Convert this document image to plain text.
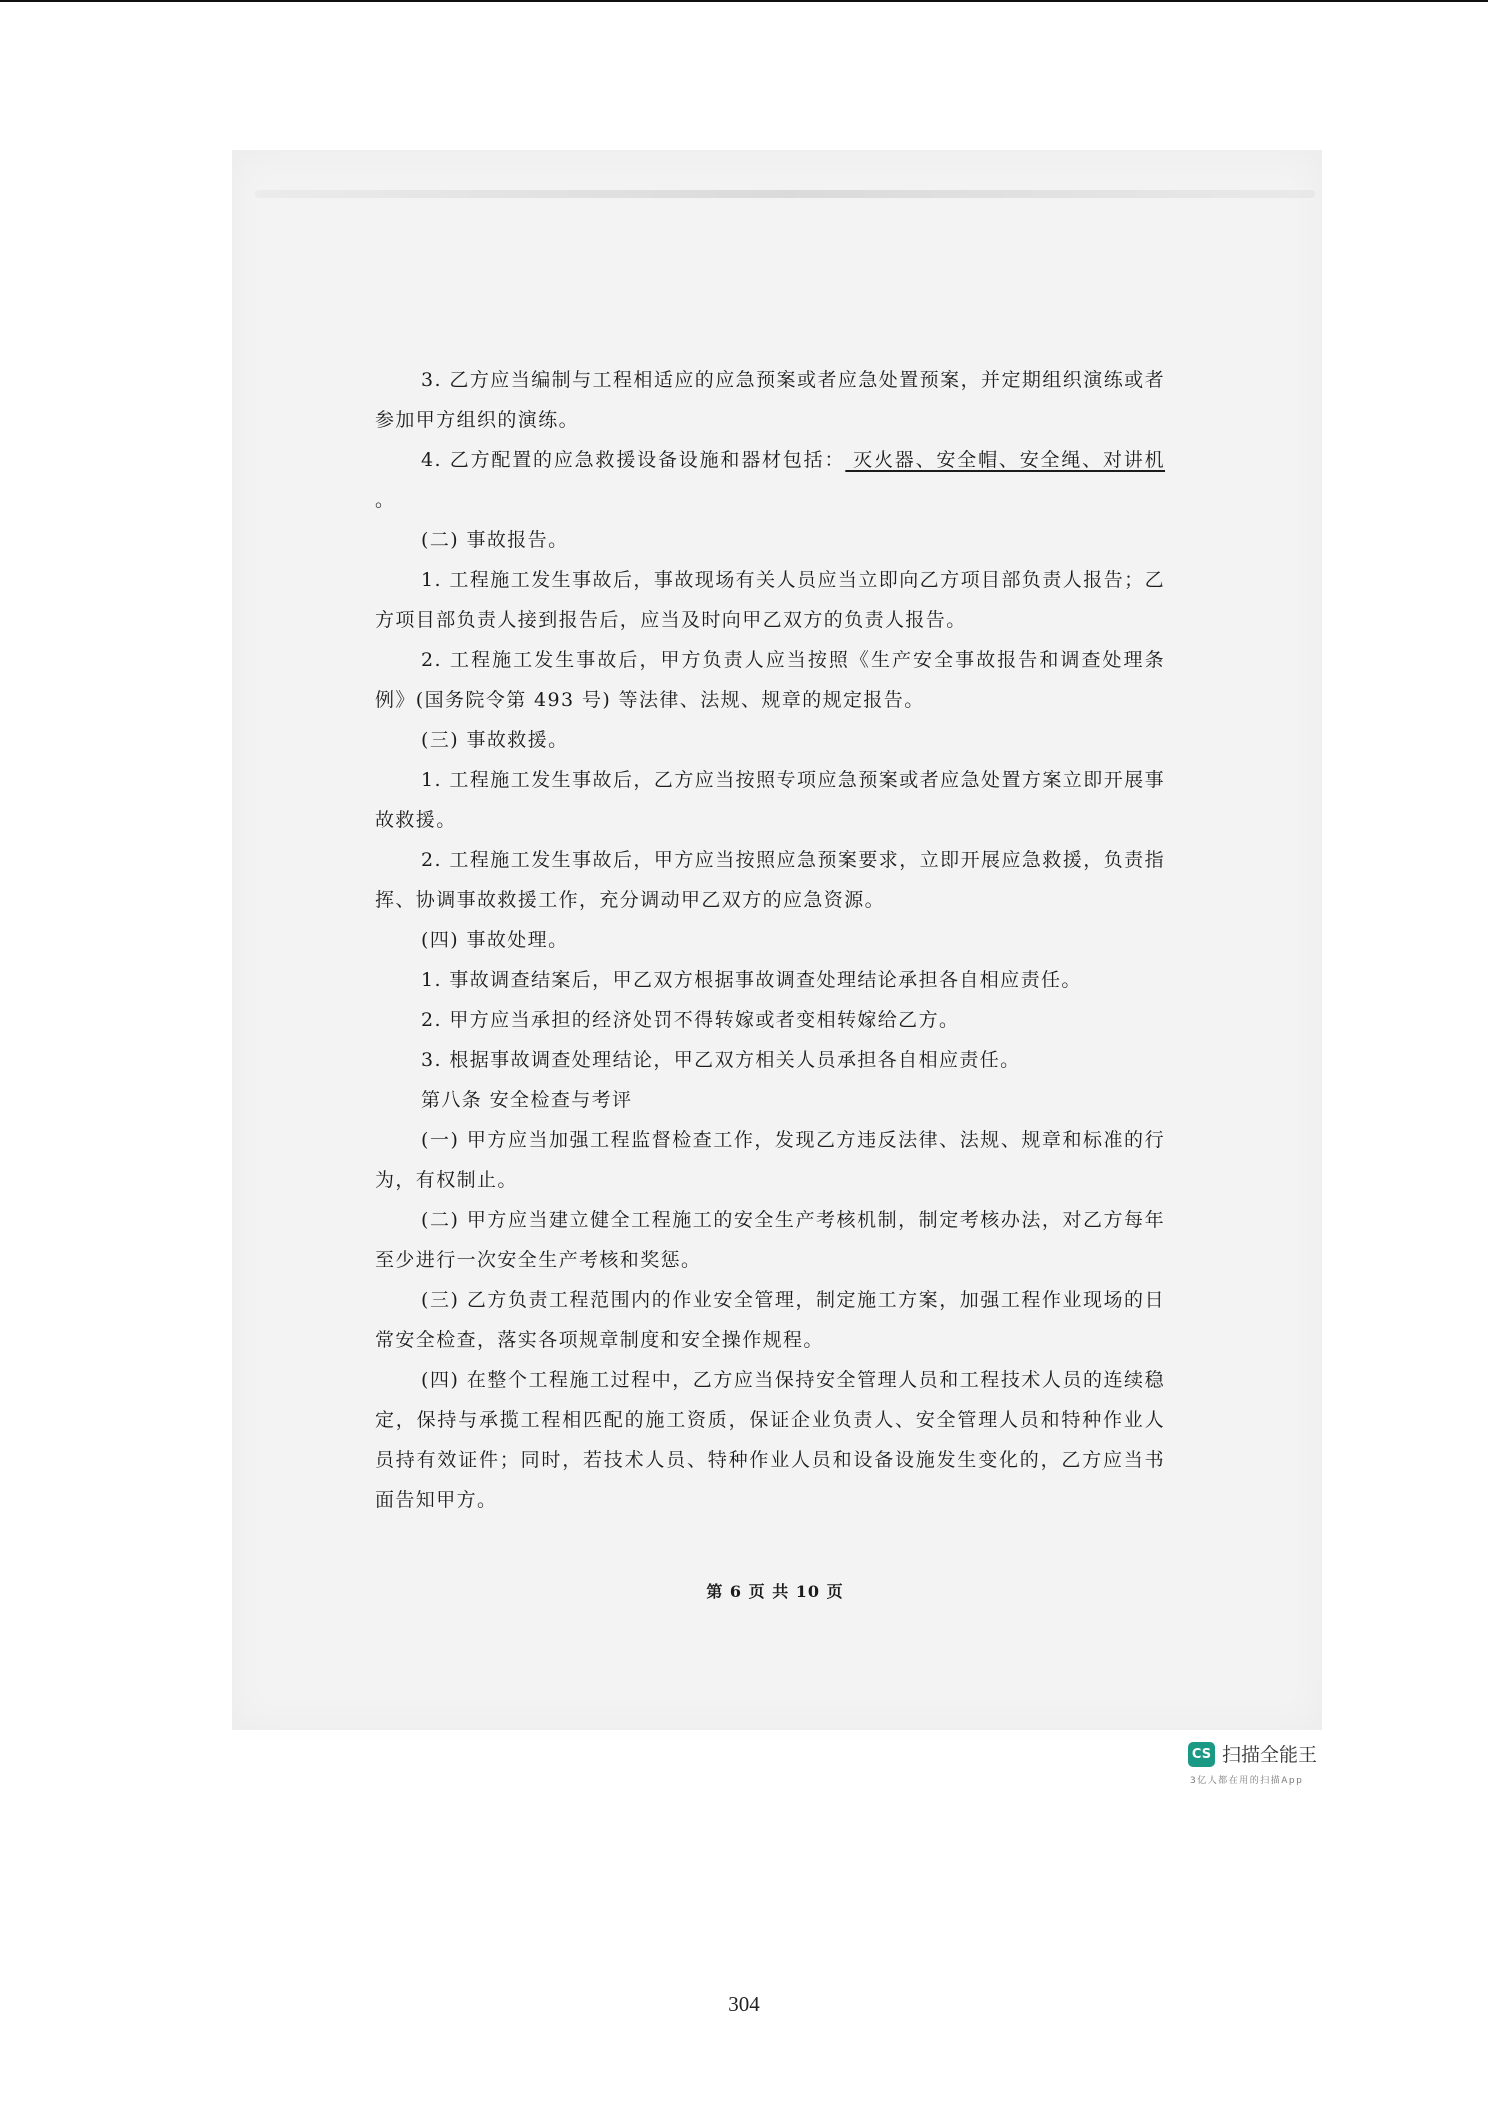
3. 乙方应当编制与工程相适应的应急预案或者应急处置预案，并定期组织演练或者参加甲方组织的演练。

4. 乙方配置的应急救援设备设施和器材包括： 灭火器、安全帽、安全绳、对讲机 。

(二) 事故报告。

1. 工程施工发生事故后，事故现场有关人员应当立即向乙方项目部负责人报告；乙方项目部负责人接到报告后，应当及时向甲乙双方的负责人报告。

2. 工程施工发生事故后，甲方负责人应当按照《生产安全事故报告和调查处理条例》(国务院令第 493 号) 等法律、法规、规章的规定报告。

(三) 事故救援。

1. 工程施工发生事故后，乙方应当按照专项应急预案或者应急处置方案立即开展事故救援。

2. 工程施工发生事故后，甲方应当按照应急预案要求，立即开展应急救援，负责指挥、协调事故救援工作，充分调动甲乙双方的应急资源。

(四) 事故处理。

1. 事故调查结案后，甲乙双方根据事故调查处理结论承担各自相应责任。

2. 甲方应当承担的经济处罚不得转嫁或者变相转嫁给乙方。

3. 根据事故调查处理结论，甲乙双方相关人员承担各自相应责任。

第八条 安全检查与考评

(一) 甲方应当加强工程监督检查工作，发现乙方违反法律、法规、规章和标准的行为，有权制止。

(二) 甲方应当建立健全工程施工的安全生产考核机制，制定考核办法，对乙方每年至少进行一次安全生产考核和奖惩。

(三) 乙方负责工程范围内的作业安全管理，制定施工方案，加强工程作业现场的日常安全检查，落实各项规章制度和安全操作规程。

(四) 在整个工程施工过程中，乙方应当保持安全管理人员和工程技术人员的连续稳定，保持与承揽工程相匹配的施工资质，保证企业负责人、安全管理人员和特种作业人员持有效证件；同时，若技术人员、特种作业人员和设备设施发生变化的，乙方应当书面告知甲方。

第 6 页 共 10 页
CS 扫描全能王
3亿人都在用的扫描App
304
